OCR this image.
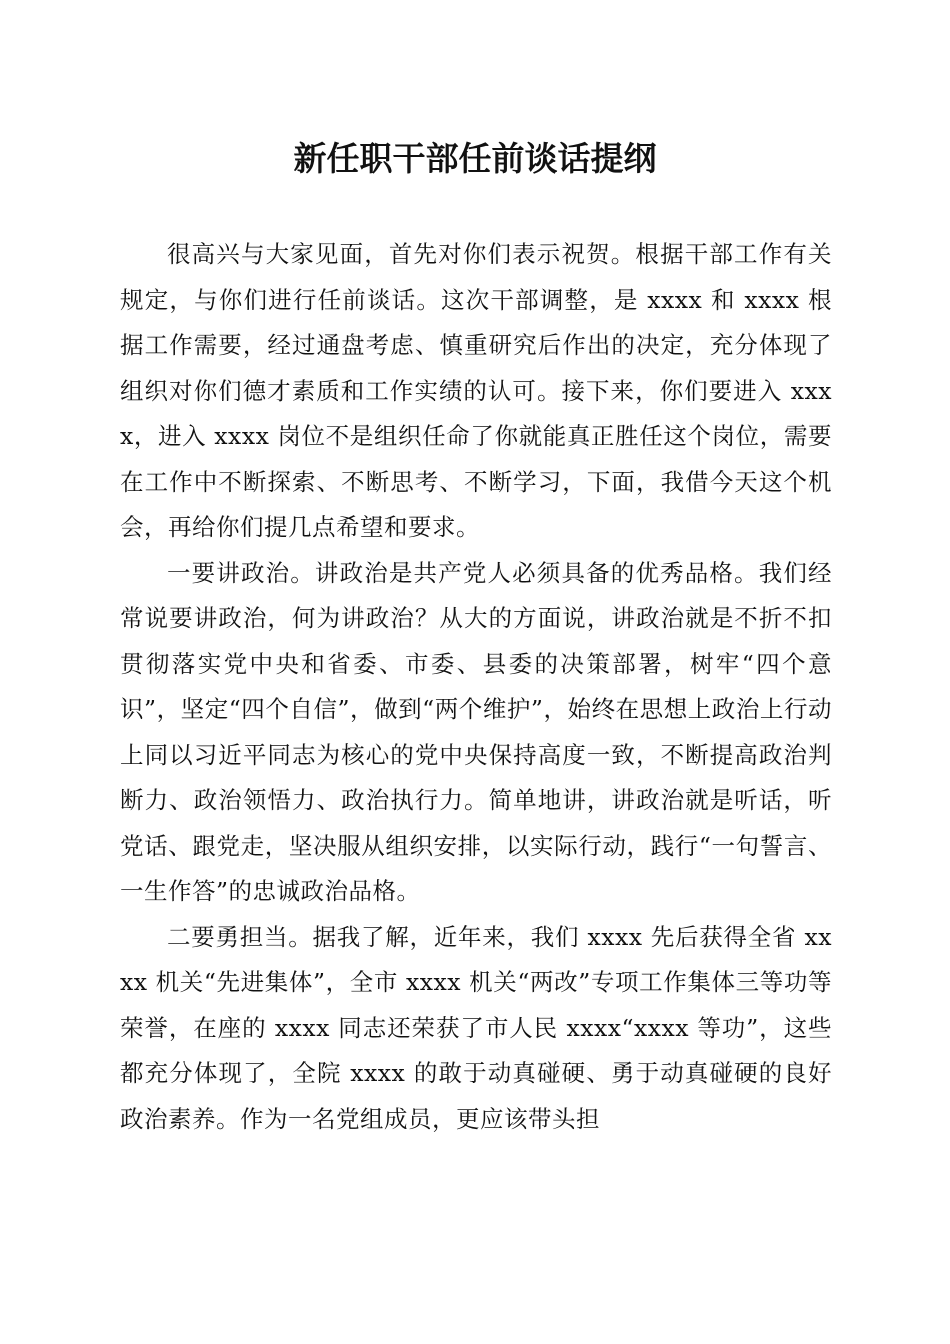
新任职干部任前谈话提纲

很高兴与大家见面，首先对你们表示祝贺。根据干部工作有关规定，与你们进行任前谈话。这次干部调整，是 xxxx 和 xxxx 根据工作需要，经过通盘考虑、慎重研究后作出的决定，充分体现了组织对你们德才素质和工作实绩的认可。接下来，你们要进入 xxxx，进入 xxxx 岗位不是组织任命了你就能真正胜任这个岗位，需要在工作中不断探索、不断思考、不断学习，下面，我借今天这个机会，再给你们提几点希望和要求。

一要讲政治。讲政治是共产党人必须具备的优秀品格。我们经常说要讲政治，何为讲政治？从大的方面说，讲政治就是不折不扣贯彻落实党中央和省委、市委、县委的决策部署，树牢“四个意识”，坚定“四个自信”，做到“两个维护”，始终在思想上政治上行动上同以习近平同志为核心的党中央保持高度一致，不断提高政治判断力、政治领悟力、政治执行力。简单地讲，讲政治就是听话，听党话、跟党走，坚决服从组织安排，以实际行动，践行“一句誓言、一生作答”的忠诚政治品格。

二要勇担当。据我了解，近年来，我们 xxxx 先后获得全省 xxxx 机关“先进集体”，全市 xxxx 机关“两改”专项工作集体三等功等荣誉，在座的 xxxx 同志还荣获了市人民 xxxx“xxxx 等功”，这些都充分体现了，全院 xxxx 的敢于动真碰硬、勇于动真碰硬的良好政治素养。作为一名党组成员，更应该带头担
